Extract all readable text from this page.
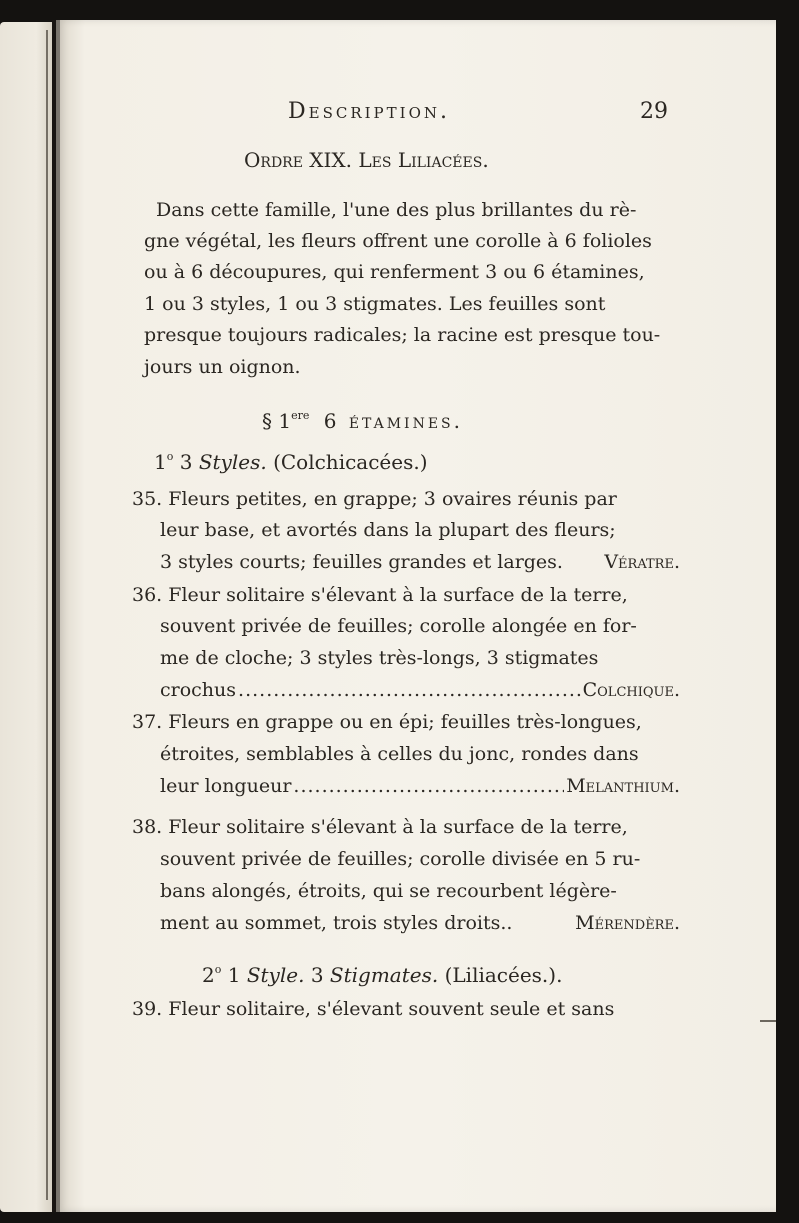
Description.	29
Ordre XIX. Les Liliacées.
Dans cette famille, l'une des plus brillantes du rè-
gne végétal, les fleurs offrent une corolle à 6 folioles
ou à 6 découpures, qui renferment 3 ou 6 étamines,
1 ou 3 styles, 1 ou 3 stigmates. Les feuilles sont
presque toujours radicales; la racine est presque tou-
jours un oignon.
§ 1ere 6 étamines.
1$^o$ 3 Styles. (Colchicacées.)
35. Fleurs petites, en grappe; 3 ovaires réunis par
leur base, et avortés dans la plupart des fleurs;
3 styles courts; feuilles grandes et larges. Vératre.
36. Fleur solitaire s'élevant à la surface de la terre,
souvent privée de feuilles; corolle alongée en for-
me de cloche; 3 styles très-longs, 3 stigmates
crochus .....	Colchique.
37. Fleurs en grappe ou en épi; feuilles très-longues,
étroites, semblables à celles du jonc, rondes dans
leur longueur .....	Melanthium.
38. Fleur solitaire s'élevant à la surface de la terre,
souvent privée de feuilles; corolle divisée en 5 ru-
bans alongés, étroits, qui se recourbent légère-
ment au sommet, trois styles droits..	Mérendère.
2$^o$ 1 Style. 3 Stigmates. (Liliacées.).
39. Fleur solitaire, s'élevant souvent seule et sans
